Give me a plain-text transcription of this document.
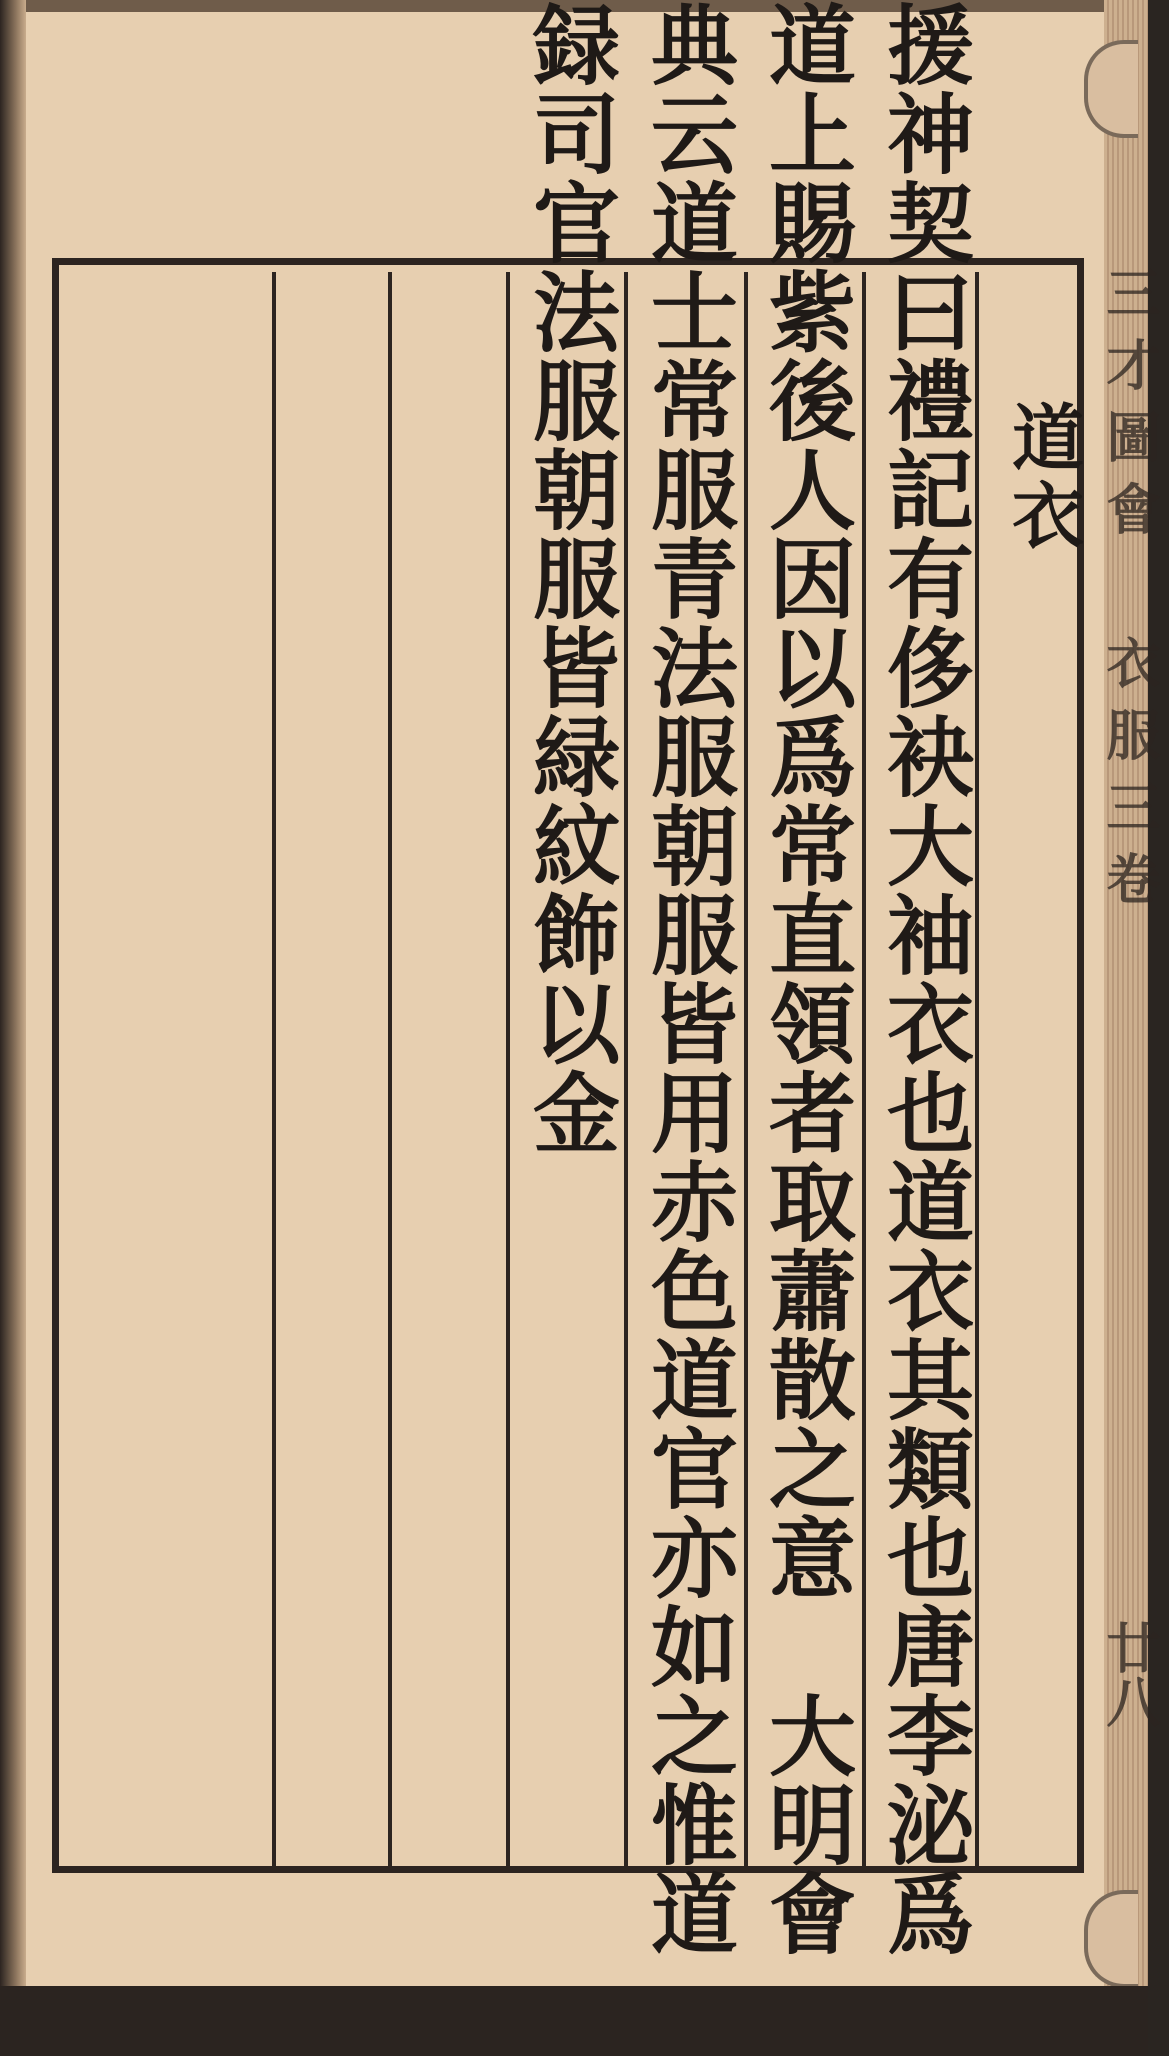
三才圖會 衣服三卷
廿八
道衣
援神契曰禮記有侈袂大袖衣也道衣其類也唐李泌爲
道上賜紫後人因以爲常直領者取蕭散之意　大明會
典云道士常服青法服朝服皆用赤色道官亦如之惟道
録司官法服朝服皆緑紋飾以金
